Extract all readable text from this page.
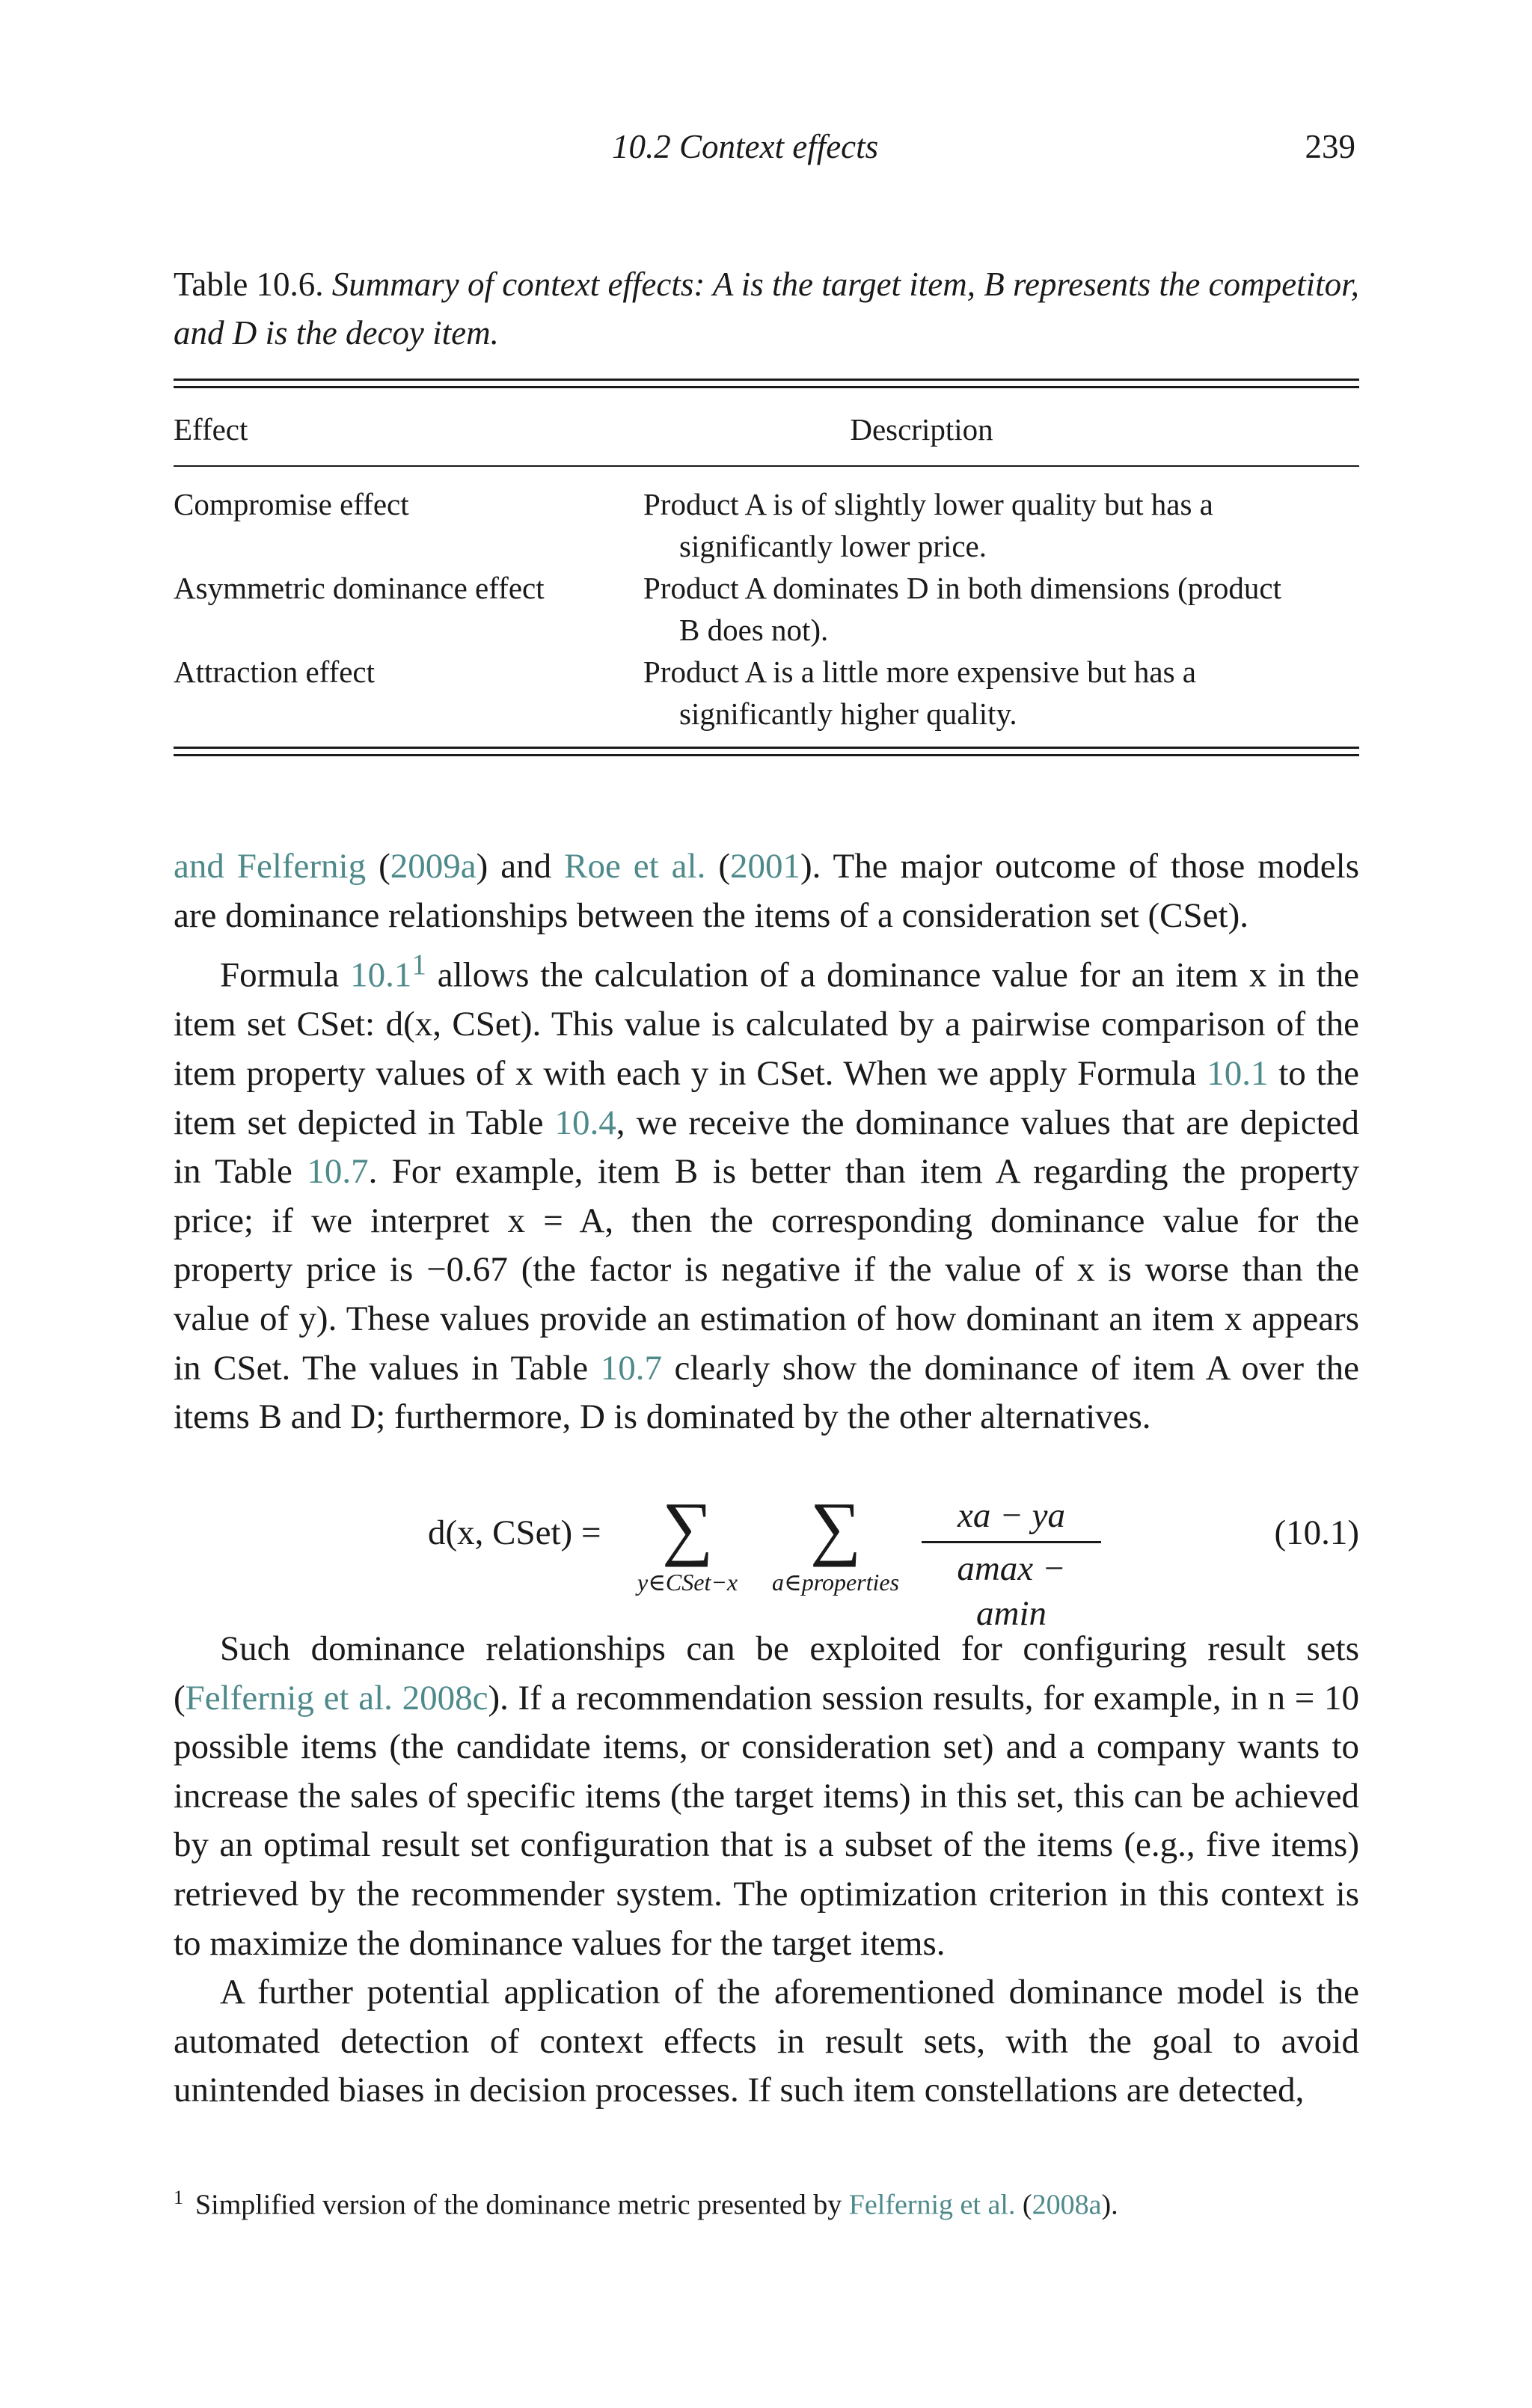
10.2 Context effects	239
Table 10.6. Summary of context effects: A is the target item, B represents the competitor, and D is the decoy item.
Effect	Description
Compromise effect	Product A is of slightly lower quality but has a
significantly lower price.
Asymmetric dominance effect	Product A dominates D in both dimensions (product
B does not).
Attraction effect	Product A is a little more expensive but has a
significantly higher quality.

and Felfernig (2009a) and Roe et al. (2001). The major outcome of those models are dominance relationships between the items of a consideration set (CSet).

Formula 10.1$^1$ allows the calculation of a dominance value for an item x in the item set CSet: d(x, CSet). This value is calculated by a pairwise comparison of the item property values of x with each y in CSet. When we apply Formula 10.1 to the item set depicted in Table 10.4, we receive the dominance values that are depicted in Table 10.7. For example, item B is better than item A regarding the property price; if we interpret x = A, then the corresponding dominance value for the property price is −0.67 (the factor is negative if the value of x is worse than the value of y). These values provide an estimation of how dominant an item x appears in CSet. The values in Table 10.7 clearly show the dominance of item A over the items B and D; furthermore, D is dominated by the other alternatives.

d(x, CSet) = ∑
y∈CSet−x
∑
a∈properties
xa − ya
amax − amin
(10.1)

Such dominance relationships can be exploited for configuring result sets (Felfernig et al. 2008c). If a recommendation session results, for example, in n = 10 possible items (the candidate items, or consideration set) and a company wants to increase the sales of specific items (the target items) in this set, this can be achieved by an optimal result set configuration that is a subset of the items (e.g., five items) retrieved by the recommender system. The optimization criterion in this context is to maximize the dominance values for the target items.

A further potential application of the aforementioned dominance model is the automated detection of context effects in result sets, with the goal to avoid unintended biases in decision processes. If such item constellations are detected,

$^1$ Simplified version of the dominance metric presented by Felfernig et al. (2008a).
